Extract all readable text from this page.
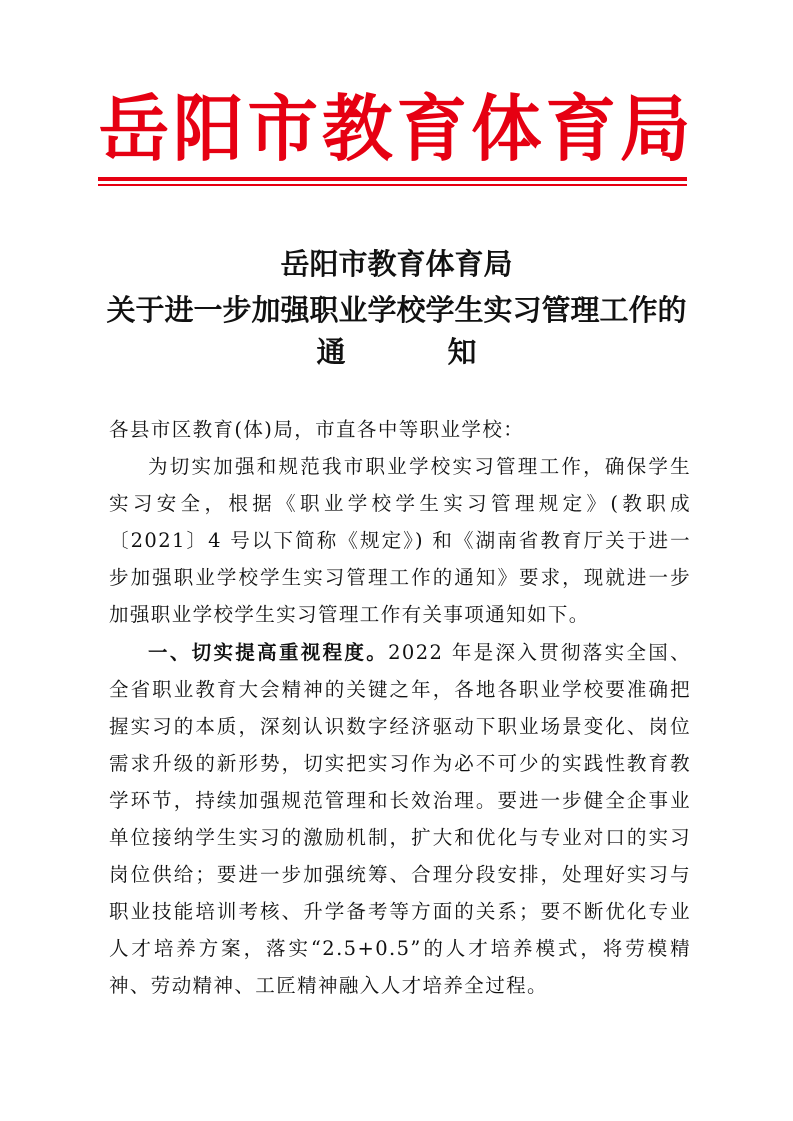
岳阳市教育体育局
岳阳市教育体育局
关于进一步加强职业学校学生实习管理工作的
通	知
各县市区教育(体)局，市直各中等职业学校：
为切实加强和规范我市职业学校实习管理工作，确保学生实习安全，根据《职业学校学生实习管理规定》(教职成〔2021〕4 号以下简称《规定》) 和《湖南省教育厅关于进一步加强职业学校学生实习管理工作的通知》要求，现就进一步加强职业学校学生实习管理工作有关事项通知如下。
一、切实提高重视程度。2022 年是深入贯彻落实全国、全省职业教育大会精神的关键之年，各地各职业学校要准确把握实习的本质，深刻认识数字经济驱动下职业场景变化、岗位需求升级的新形势，切实把实习作为必不可少的实践性教育教学环节，持续加强规范管理和长效治理。要进一步健全企事业单位接纳学生实习的激励机制，扩大和优化与专业对口的实习岗位供给；要进一步加强统筹、合理分段安排，处理好实习与职业技能培训考核、升学备考等方面的关系；要不断优化专业人才培养方案，落实“2.5+0.5”的人才培养模式，将劳模精神、劳动精神、工匠精神融入人才培养全过程。
